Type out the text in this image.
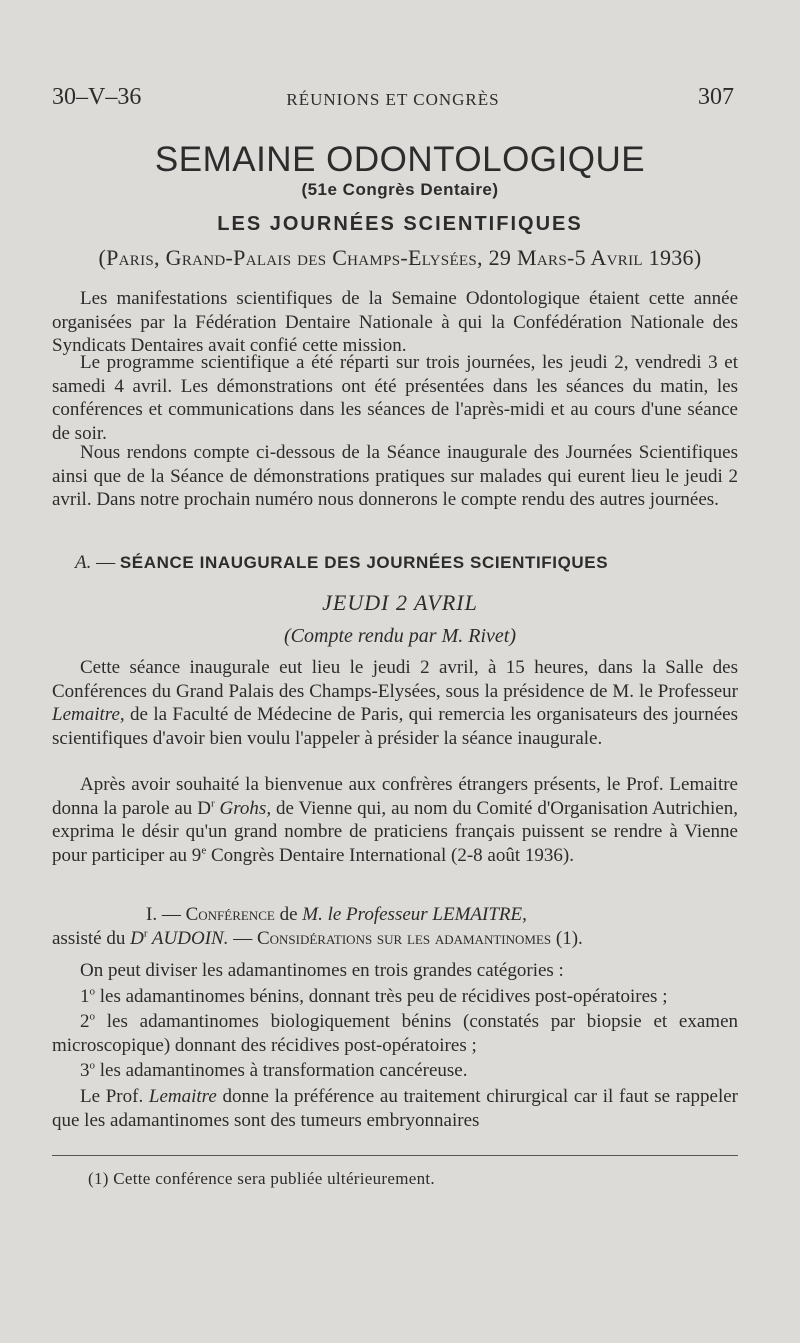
30–V–36	RÉUNIONS ET CONGRÈS	307
SEMAINE ODONTOLOGIQUE
(51e Congrès Dentaire)
LES JOURNÉES SCIENTIFIQUES
(Paris, Grand-Palais des Champs-Elysées, 29 Mars-5 Avril 1936)

Les manifestations scientifiques de la Semaine Odontologique étaient cette année organisées par la Fédération Dentaire Nationale à qui la Confédération Nationale des Syndicats Dentaires avait confié cette mission.

Le programme scientifique a été réparti sur trois journées, les jeudi 2, vendredi 3 et samedi 4 avril. Les démonstrations ont été présentées dans les séances du matin, les conférences et communications dans les séances de l'après-midi et au cours d'une séance de soir.

Nous rendons compte ci-dessous de la Séance inaugurale des Journées Scientifiques ainsi que de la Séance de démonstrations pratiques sur malades qui eurent lieu le jeudi 2 avril. Dans notre prochain numéro nous donnerons le compte rendu des autres journées.

A. — SÉANCE INAUGURALE DES JOURNÉES SCIENTIFIQUES
JEUDI 2 AVRIL
(Compte rendu par M. Rivet)

Cette séance inaugurale eut lieu le jeudi 2 avril, à 15 heures, dans la Salle des Conférences du Grand Palais des Champs-Elysées, sous la présidence de M. le Professeur Lemaitre, de la Faculté de Médecine de Paris, qui remercia les organisateurs des journées scientifiques d'avoir bien voulu l'appeler à présider la séance inaugurale.

Après avoir souhaité la bienvenue aux confrères étrangers présents, le Prof. Lemaitre donna la parole au $D^r$ Grohs, de Vienne qui, au nom du Comité d'Organisation Autrichien, exprima le désir qu'un grand nombre de praticiens français puissent se rendre à Vienne pour participer au 9e Congrès Dentaire International (2-8 août 1936).

I. — Conférence de M. le Professeur LEMAITRE,
assisté du $D^r$ AUDOIN. — Considérations sur les adamantinomes (1).

On peut diviser les adamantinomes en trois grandes catégories :

1$^o$ les adamantinomes bénins, donnant très peu de récidives post-opératoires ;

2$^o$ les adamantinomes biologiquement bénins (constatés par biopsie et examen microscopique) donnant des récidives post-opératoires ;

3$^o$ les adamantinomes à transformation cancéreuse.

Le Prof. Lemaitre donne la préférence au traitement chirurgical car il faut se rappeler que les adamantinomes sont des tumeurs embryonnaires

(1) Cette conférence sera publiée ultérieurement.
